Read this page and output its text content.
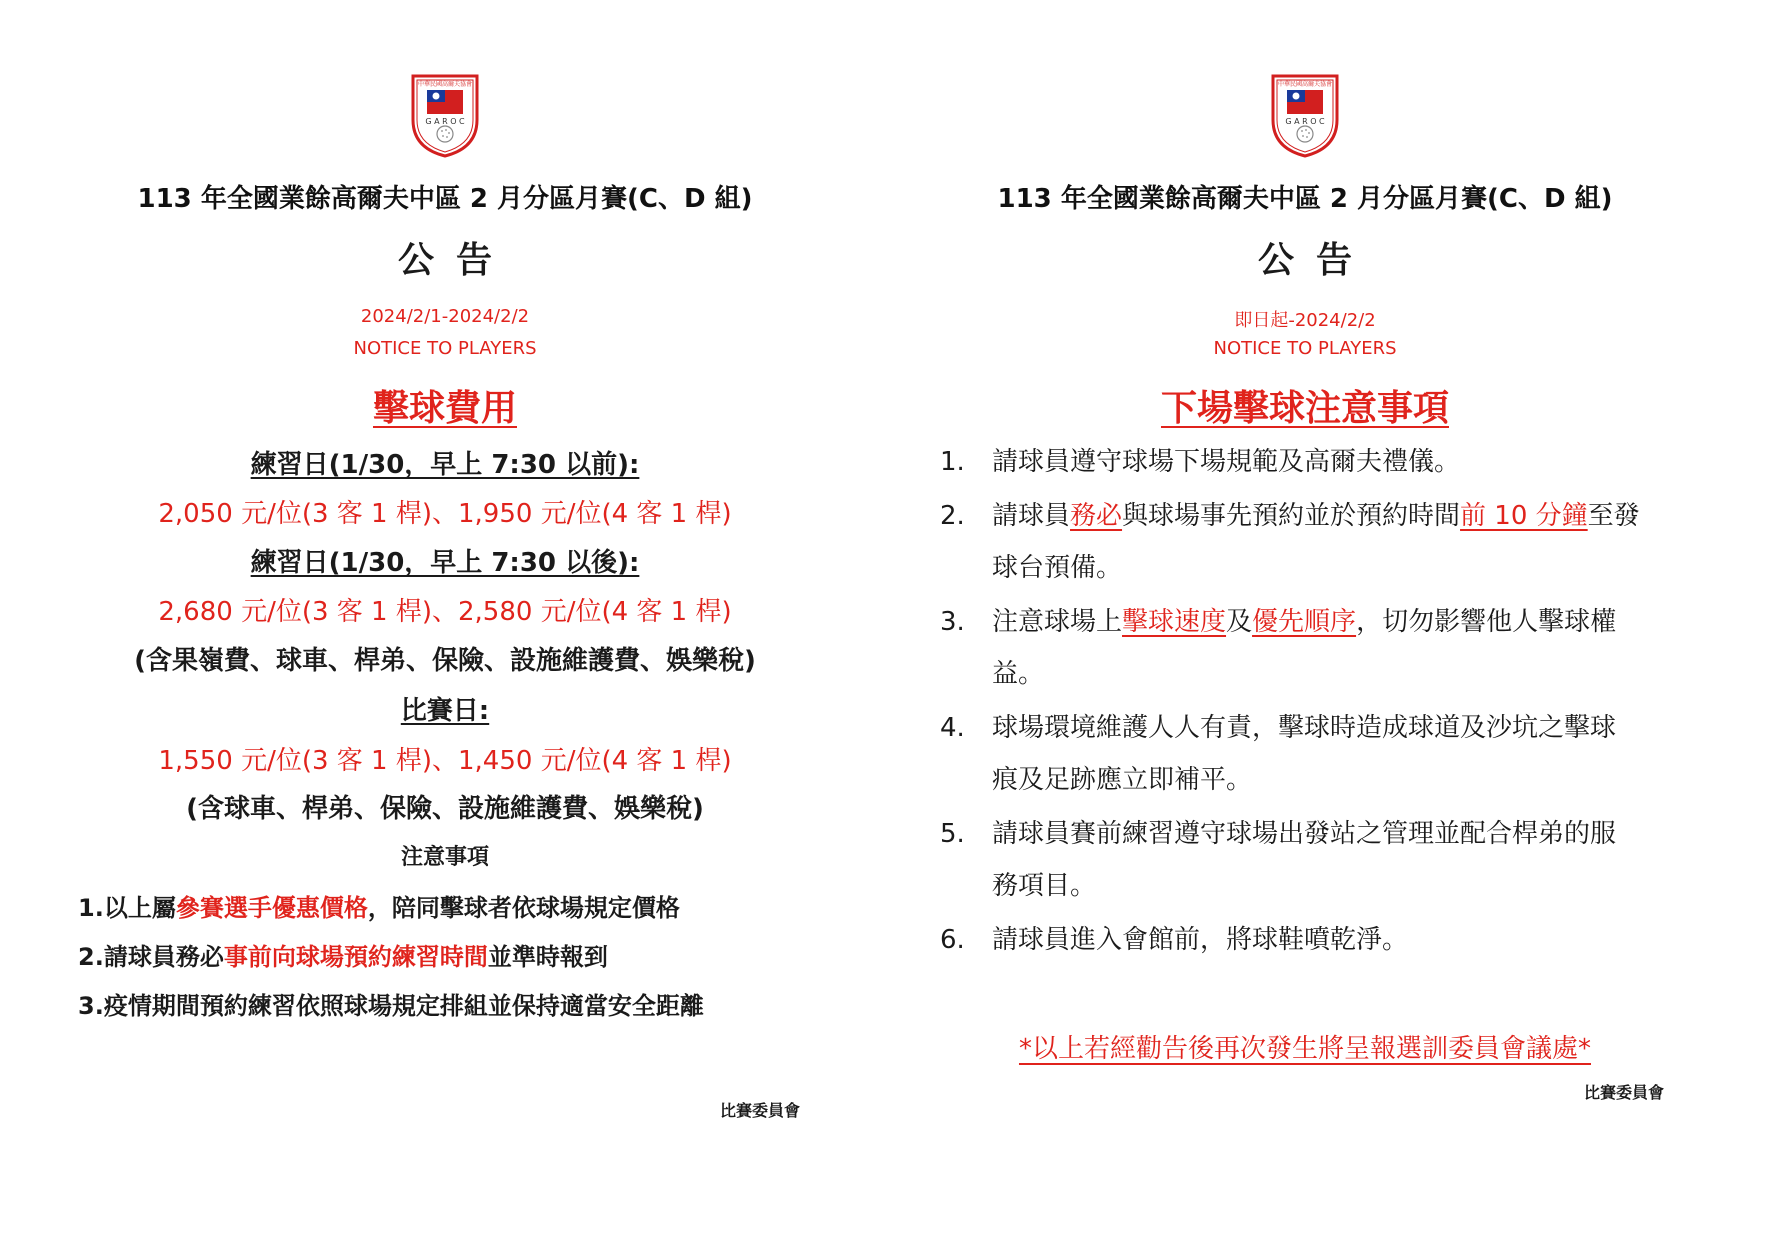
中華民國高爾夫協會
G A R O C
113 年全國業餘高爾夫中區 2 月分區月賽(C、D 組)
公告
2024/2/1-2024/2/2
NOTICE TO PLAYERS
擊球費用
練習日(1/30，早上 7:30 以前):
2,050 元/位(3 客 1 桿)、1,950 元/位(4 客 1 桿)
練習日(1/30，早上 7:30 以後):
2,680 元/位(3 客 1 桿)、2,580 元/位(4 客 1 桿)
(含果嶺費、球車、桿弟、保險、設施維護費、娛樂稅)
比賽日:
1,550 元/位(3 客 1 桿)、1,450 元/位(4 客 1 桿)
(含球車、桿弟、保險、設施維護費、娛樂稅)
注意事項
1.以上屬參賽選手優惠價格，陪同擊球者依球場規定價格
2.請球員務必事前向球場預約練習時間並準時報到
3.疫情期間預約練習依照球場規定排組並保持適當安全距離
比賽委員會
中華民國高爾夫協會
G A R O C
113 年全國業餘高爾夫中區 2 月分區月賽(C、D 組)
公告
即日起-2024/2/2
NOTICE TO PLAYERS
下場擊球注意事項
1.	請球員遵守球場下場規範及高爾夫禮儀。
2.	請球員務必與球場事先預約並於預約時間前 10 分鐘至發球台預備。
3.	注意球場上擊球速度及優先順序，切勿影響他人擊球權益。
4.	球場環境維護人人有責，擊球時造成球道及沙坑之擊球痕及足跡應立即補平。
5.	請球員賽前練習遵守球場出發站之管理並配合桿弟的服務項目。
6.	請球員進入會館前，將球鞋噴乾淨。
*以上若經勸告後再次發生將呈報選訓委員會議處*
比賽委員會
